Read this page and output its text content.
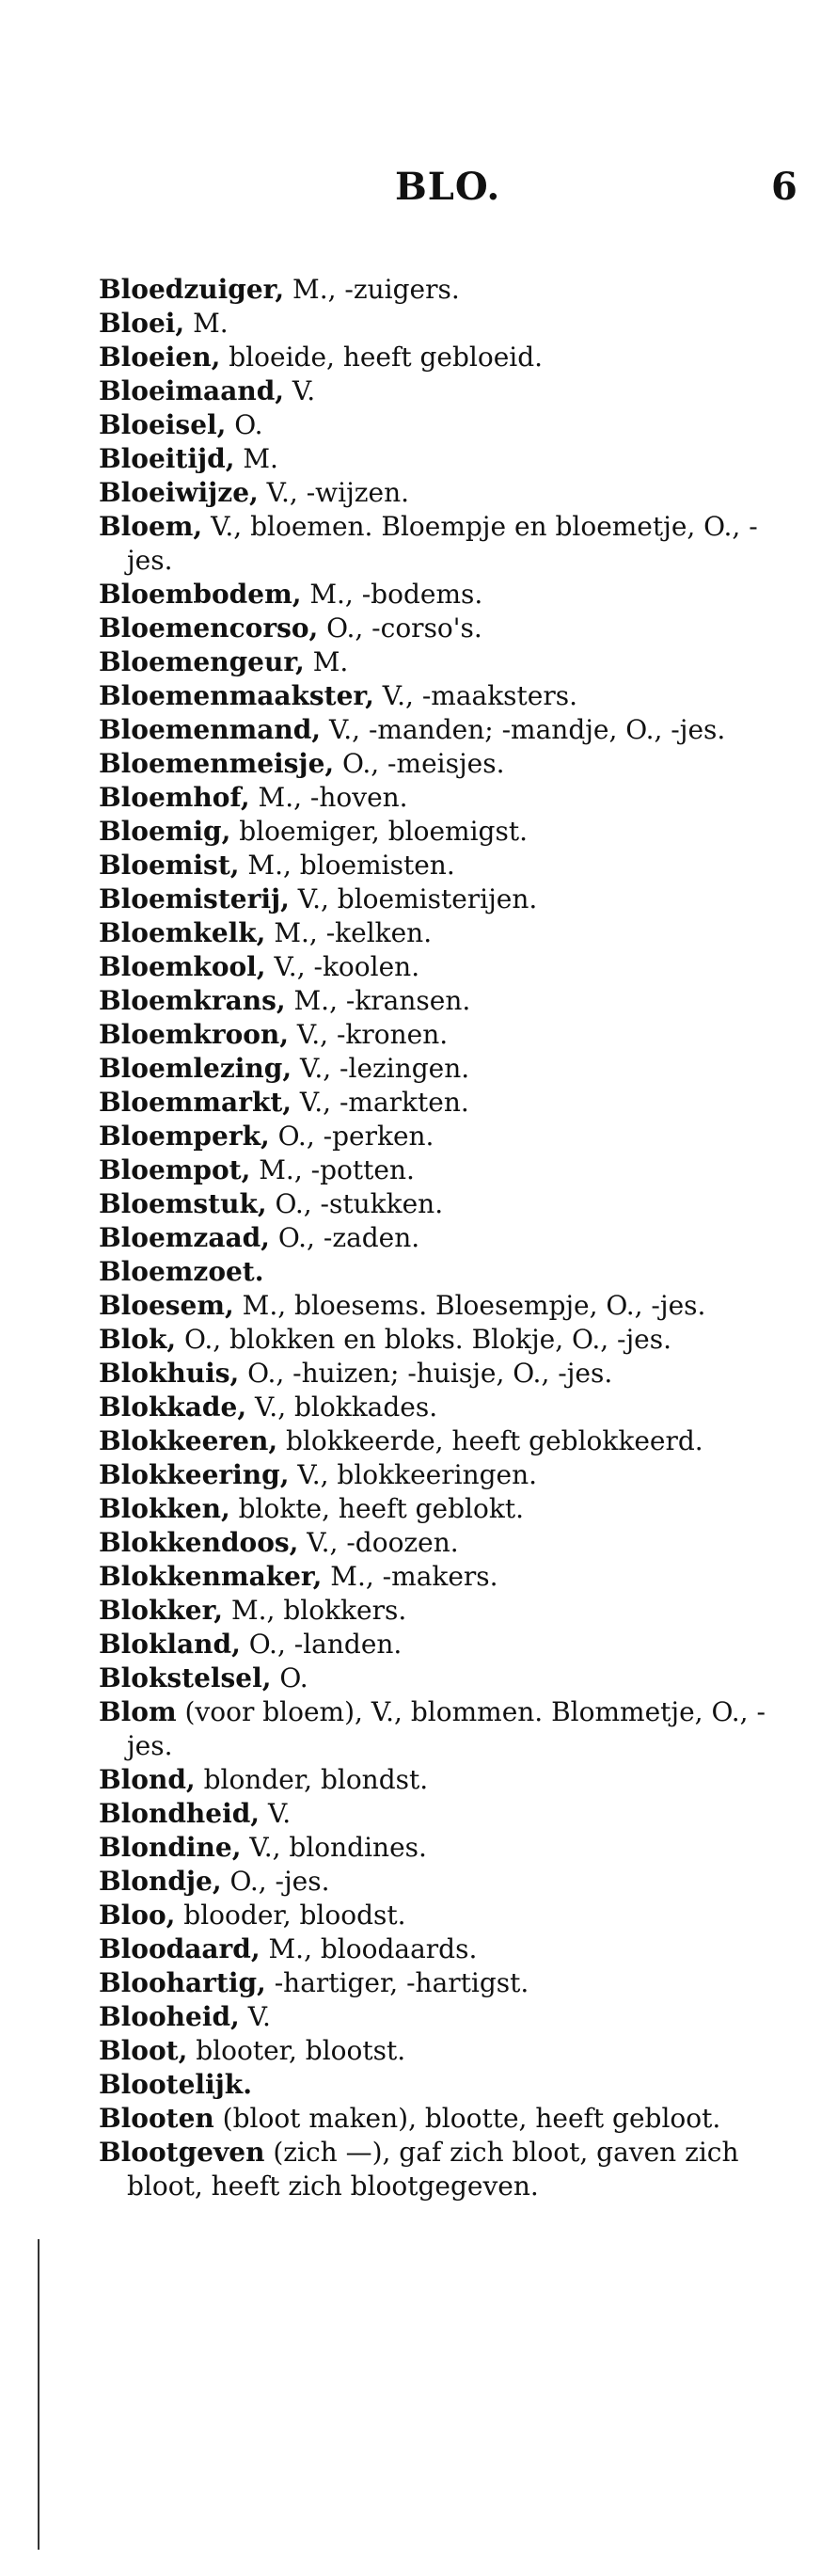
BLO.	6

Bloedzuiger, M., -zuigers.

Bloei, M.

Bloeien, bloeide, heeft gebloeid.

Bloeimaand, V.

Bloeisel, O.

Bloeitijd, M.

Bloeiwijze, V., -wijzen.

Bloem, V., bloemen. Bloempje en bloemetje, O., -jes.

Bloembodem, M., -bodems.

Bloemencorso, O., -corso's.

Bloemengeur, M.

Bloemenmaakster, V., -maaksters.

Bloemenmand, V., -manden; -mandje, O., -jes.

Bloemenmeisje, O., -meisjes.

Bloemhof, M., -hoven.

Bloemig, bloemiger, bloemigst.

Bloemist, M., bloemisten.

Bloemisterij, V., bloemisterijen.

Bloemkelk, M., -kelken.

Bloemkool, V., -koolen.

Bloemkrans, M., -kransen.

Bloemkroon, V., -kronen.

Bloemlezing, V., -lezingen.

Bloemmarkt, V., -markten.

Bloemperk, O., -perken.

Bloempot, M., -potten.

Bloemstuk, O., -stukken.

Bloemzaad, O., -zaden.

Bloemzoet.

Bloesem, M., bloesems. Bloesempje, O., -jes.

Blok, O., blokken en bloks. Blokje, O., -jes.

Blokhuis, O., -huizen; -huisje, O., -jes.

Blokkade, V., blokkades.

Blokkeeren, blokkeerde, heeft geblokkeerd.

Blokkeering, V., blokkeeringen.

Blokken, blokte, heeft geblokt.

Blokkendoos, V., -doozen.

Blokkenmaker, M., -makers.

Blokker, M., blokkers.

Blokland, O., -landen.

Blokstelsel, O.

Blom (voor bloem), V., blommen. Blommetje, O., -jes.

Blond, blonder, blondst.

Blondheid, V.

Blondine, V., blondines.

Blondje, O., -jes.

Bloo, blooder, bloodst.

Bloodaard, M., bloodaards.

Bloohartig, -hartiger, -hartigst.

Blooheid, V.

Bloot, blooter, blootst.

Blootelijk.

Blooten (bloot maken), blootte, heeft gebloot.

Blootgeven (zich —), gaf zich bloot, gaven zich bloot, heeft zich blootgegeven.
